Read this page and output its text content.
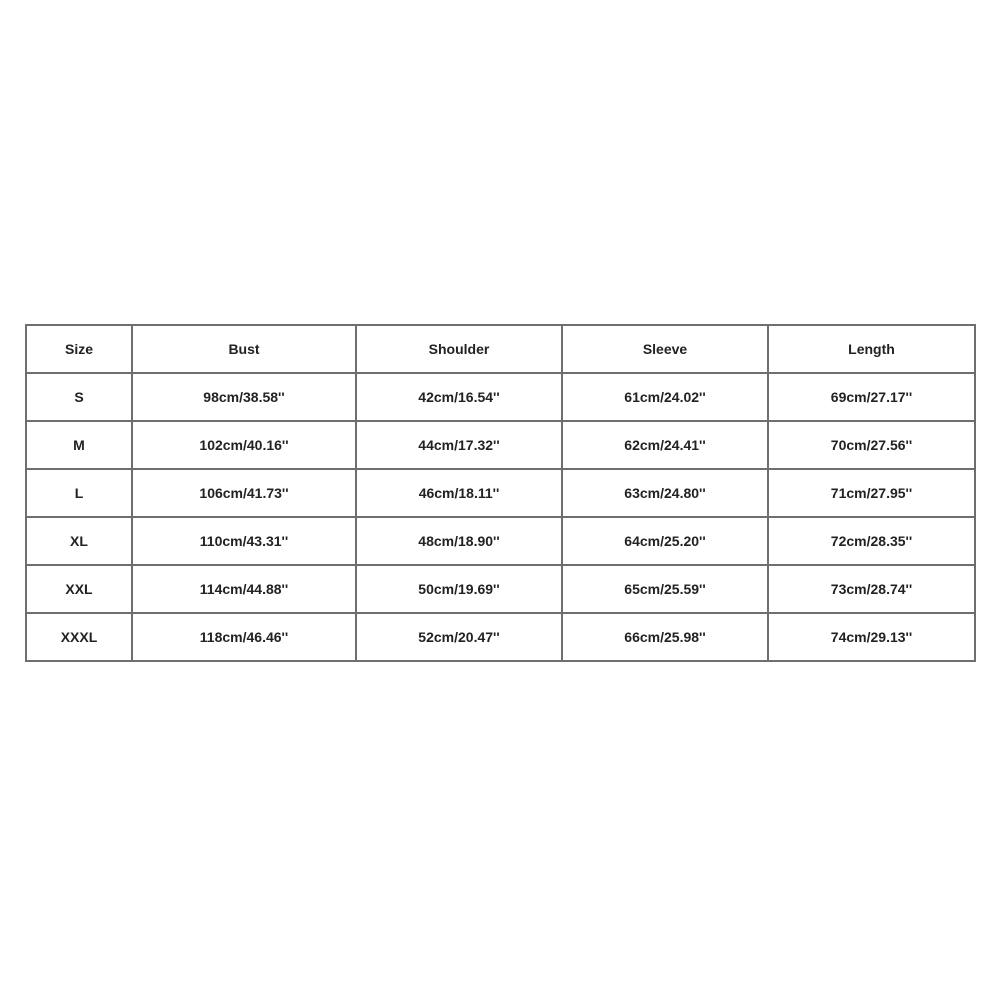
Size	Bust	Shoulder	Sleeve	Length
S	98cm/38.58''	42cm/16.54''	61cm/24.02''	69cm/27.17''
M	102cm/40.16''	44cm/17.32''	62cm/24.41''	70cm/27.56''
L	106cm/41.73''	46cm/18.11''	63cm/24.80''	71cm/27.95''
XL	110cm/43.31''	48cm/18.90''	64cm/25.20''	72cm/28.35''
XXL	114cm/44.88''	50cm/19.69''	65cm/25.59''	73cm/28.74''
XXXL	118cm/46.46''	52cm/20.47''	66cm/25.98''	74cm/29.13''
